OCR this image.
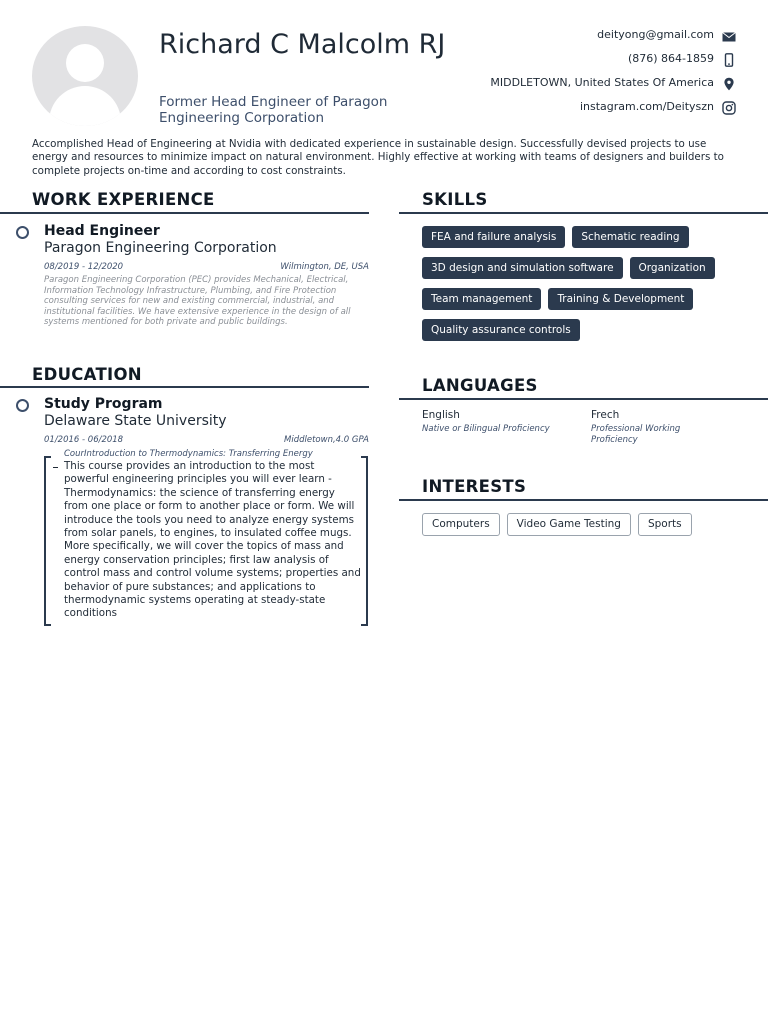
Richard C Malcolm RJ
Former Head Engineer of Paragon Engineering Corporation
deityong@gmail.com
(876) 864-1859
MIDDLETOWN, United States Of America
instagram.com/Deityszn
Accomplished Head of Engineering at Nvidia with dedicated experience in sustainable design. Successfully devised projects to use energy and resources to minimize impact on natural environment. Highly effective at working with teams of designers and builders to complete projects on-time and according to cost constraints.
WORK EXPERIENCE
Head Engineer
Paragon Engineering Corporation
08/2019 - 12/2020	Wilmington, DE, USA
Paragon Engineering Corporation (PEC) provides Mechanical, Electrical, Information Technology Infrastructure, Plumbing, and Fire Protection consulting services for new and existing commercial, industrial, and institutional facilities. We have extensive experience in the design of all systems mentioned for both private and public buildings.
EDUCATION
Study Program
Delaware State University
01/2016 - 06/2018	Middletown,4.0 GPA
CourIntroduction to Thermodynamics: Transferring Energy
This course provides an introduction to the most powerful engineering principles you will ever learn - Thermodynamics: the science of transferring energy from one place or form to another place or form. We will introduce the tools you need to analyze energy systems from solar panels, to engines, to insulated coffee mugs. More specifically, we will cover the topics of mass and energy conservation principles; first law analysis of control mass and control volume systems; properties and behavior of pure substances; and applications to thermodynamic systems operating at steady-state conditions
SKILLS
FEA and failure analysis	Schematic reading
3D design and simulation software	Organization
Team management	Training & Development
Quality assurance controls
LANGUAGES
English
Native or Bilingual Proficiency
Frech
Professional Working Proficiency
INTERESTS
Computers	Video Game Testing	Sports
